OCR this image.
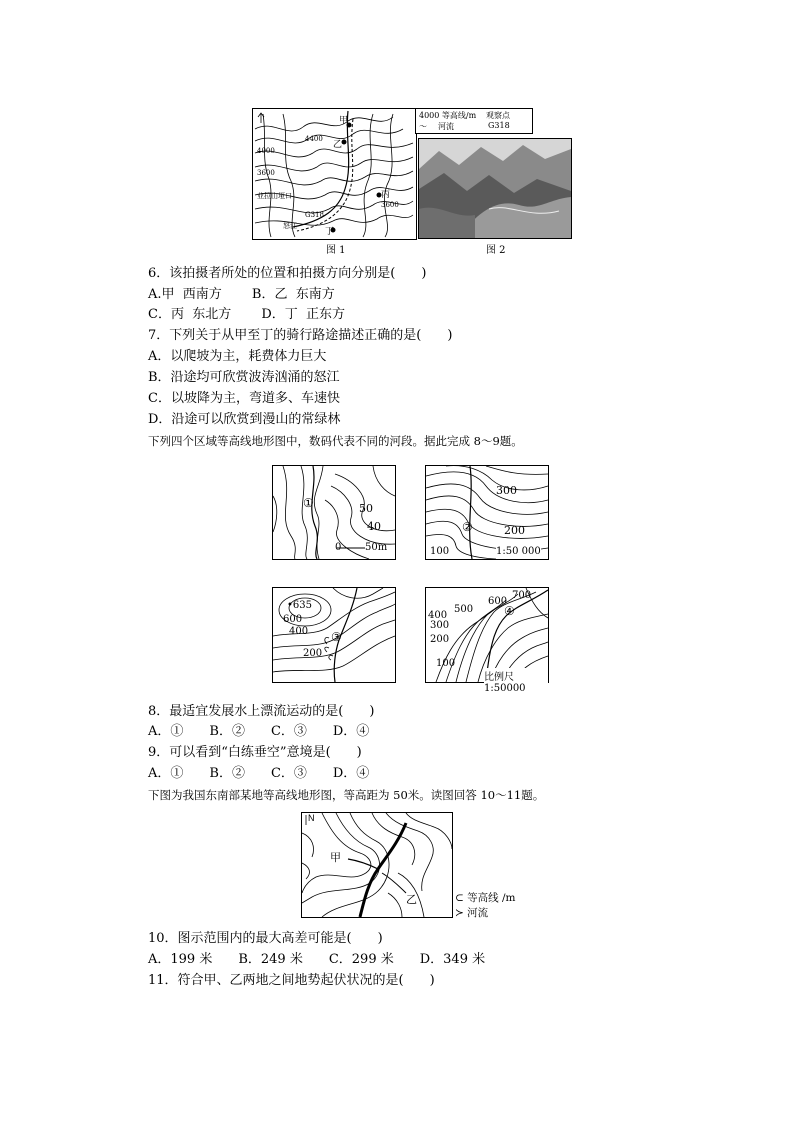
甲
乙
丙
丁
4400
4000
3600
3600
G318
怒江
业拉山垭口
4000 等高线/m 观察点
～ 河流	G318
图 1	图 2
6．该拍摄者所处的位置和拍摄方向分别是(　　)
A.甲  西南方　　 B．乙  东南方
C．丙  东北方　　 D．丁  正东方
7．下列关于从甲至丁的骑行路途描述正确的是(　　)
A．以爬坡为主，耗费体力巨大
B．沿途均可欣赏波涛汹涌的怒江
C．以坡降为主，弯道多、车速快
D．沿途可以欣赏到漫山的常绿林
下列四个区域等高线地形图中，数码代表不同的河段。据此完成 8～9题。
①	50
40
0 50m
300
200
②
100	1:50 000
•635
600
400 ③
200
700
600
④
500
400
300
200
100
比例尺1:50000
8．最适宜发展水上漂流运动的是(　　)
A．①　　B．②　　C．③　　D．④
9．可以看到“白练垂空”意境是(　　)
A．①　　B．②　　C．③　　D．④
下图为我国东南部某地等高线地形图，等高距为 50米。读图回答 10～11题。
N
甲
乙	⊂ 等高线 /m
≻ 河流
10．图示范围内的最大高差可能是(　　)
A．199 米　　B．249 米　　C．299 米　　D．349 米
11．符合甲、乙两地之间地势起伏状况的是(　　)
